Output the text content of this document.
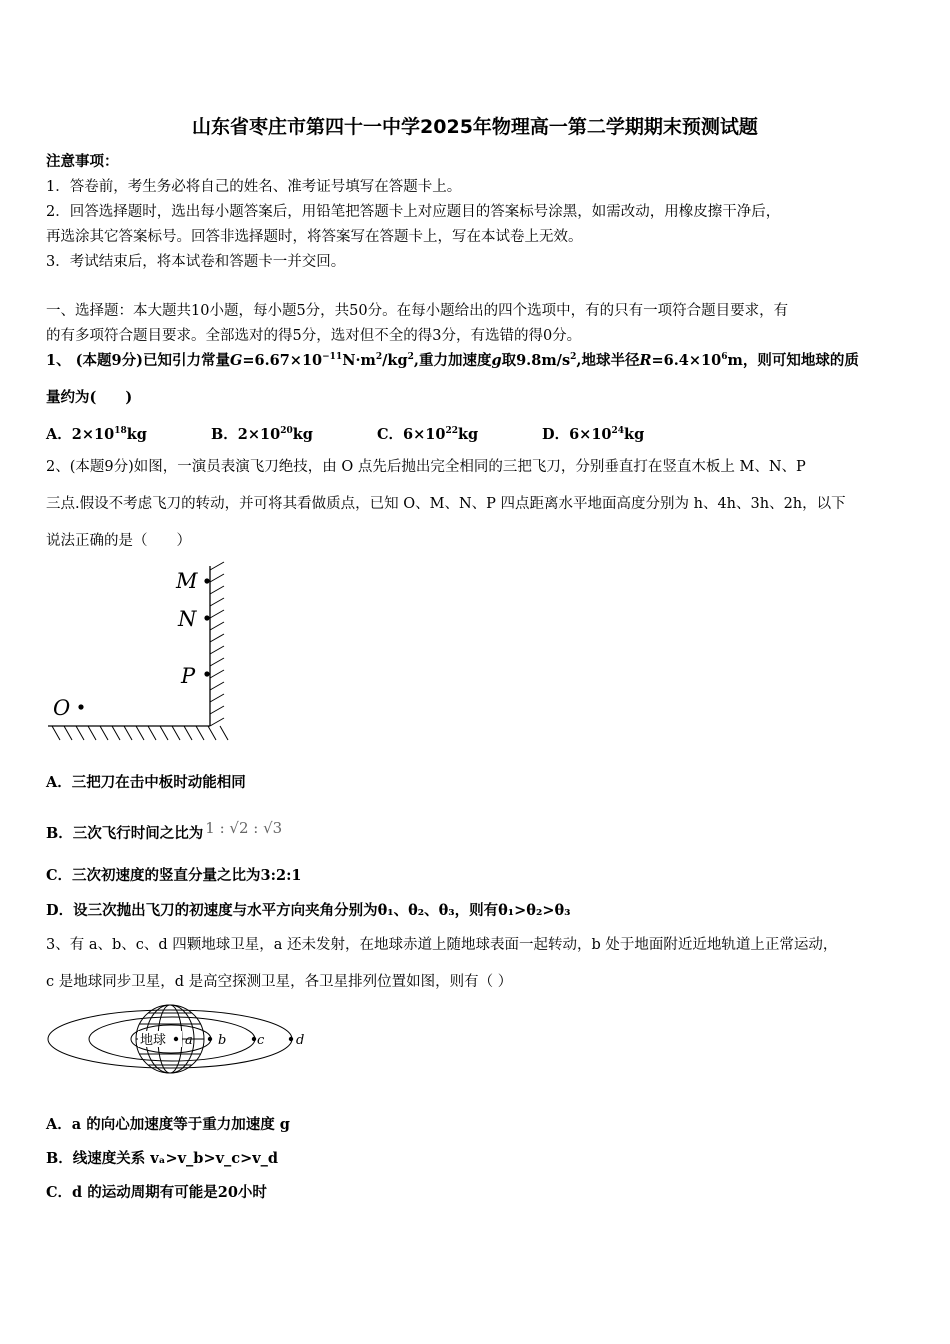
山东省枣庄市第四十一中学2025年物理高一第二学期期末预测试题
注意事项：
1．答卷前，考生务必将自己的姓名、准考证号填写在答题卡上。
2．回答选择题时，选出每小题答案后，用铅笔把答题卡上对应题目的答案标号涂黑，如需改动，用橡皮擦干净后，
再选涂其它答案标号。回答非选择题时，将答案写在答题卡上，写在本试卷上无效。
3．考试结束后，将本试卷和答题卡一并交回。
一、选择题：本大题共10小题，每小题5分，共50分。在每小题给出的四个选项中，有的只有一项符合题目要求，有
的有多项符合题目要求。全部选对的得5分，选对但不全的得3分，有选错的得0分。
1、 (本题9分)已知引力常量$G=6.67\times 10^{-11}N\cdot m^2/kg^2$,重力加速度g取$9.8m/s^2$,地球半径$R=6.4\times 10^6m$，则可知地球的质
量约为(　　)
A．$2\times 10^{18}kg$	B．$2\times 10^{20}kg$	C．$6\times 10^{22}kg$	D．$6\times 10^{24}kg$
2、(本题9分)如图，一演员表演飞刀绝技，由 O 点先后抛出完全相同的三把飞刀，分别垂直打在竖直木板上 M、N、P
三点.假设不考虑飞刀的转动，并可将其看做质点，已知 O、M、N、P 四点距离水平地面高度分别为 h、4h、3h、2h，以下
说法正确的是（　　）
M
N
P
O
A．三把刀在击中板时动能相同
B．三次飞行时间之比为 1 : √2 : √3
C．三次初速度的竖直分量之比为3:2:1
D．设三次抛出飞刀的初速度与水平方向夹角分别为θ₁、θ₂、θ₃，则有θ₁>θ₂>θ₃
3、有 a、b、c、d 四颗地球卫星，a 还未发射，在地球赤道上随地球表面一起转动，b 处于地面附近近地轨道上正常运动，
c 是地球同步卫星，d 是高空探测卫星，各卫星排列位置如图，则有（ ）
地球 a b c d
A．a 的向心加速度等于重力加速度 g
B．线速度关系 vₐ>v_b>v_c>v_d
C．d 的运动周期有可能是20小时
